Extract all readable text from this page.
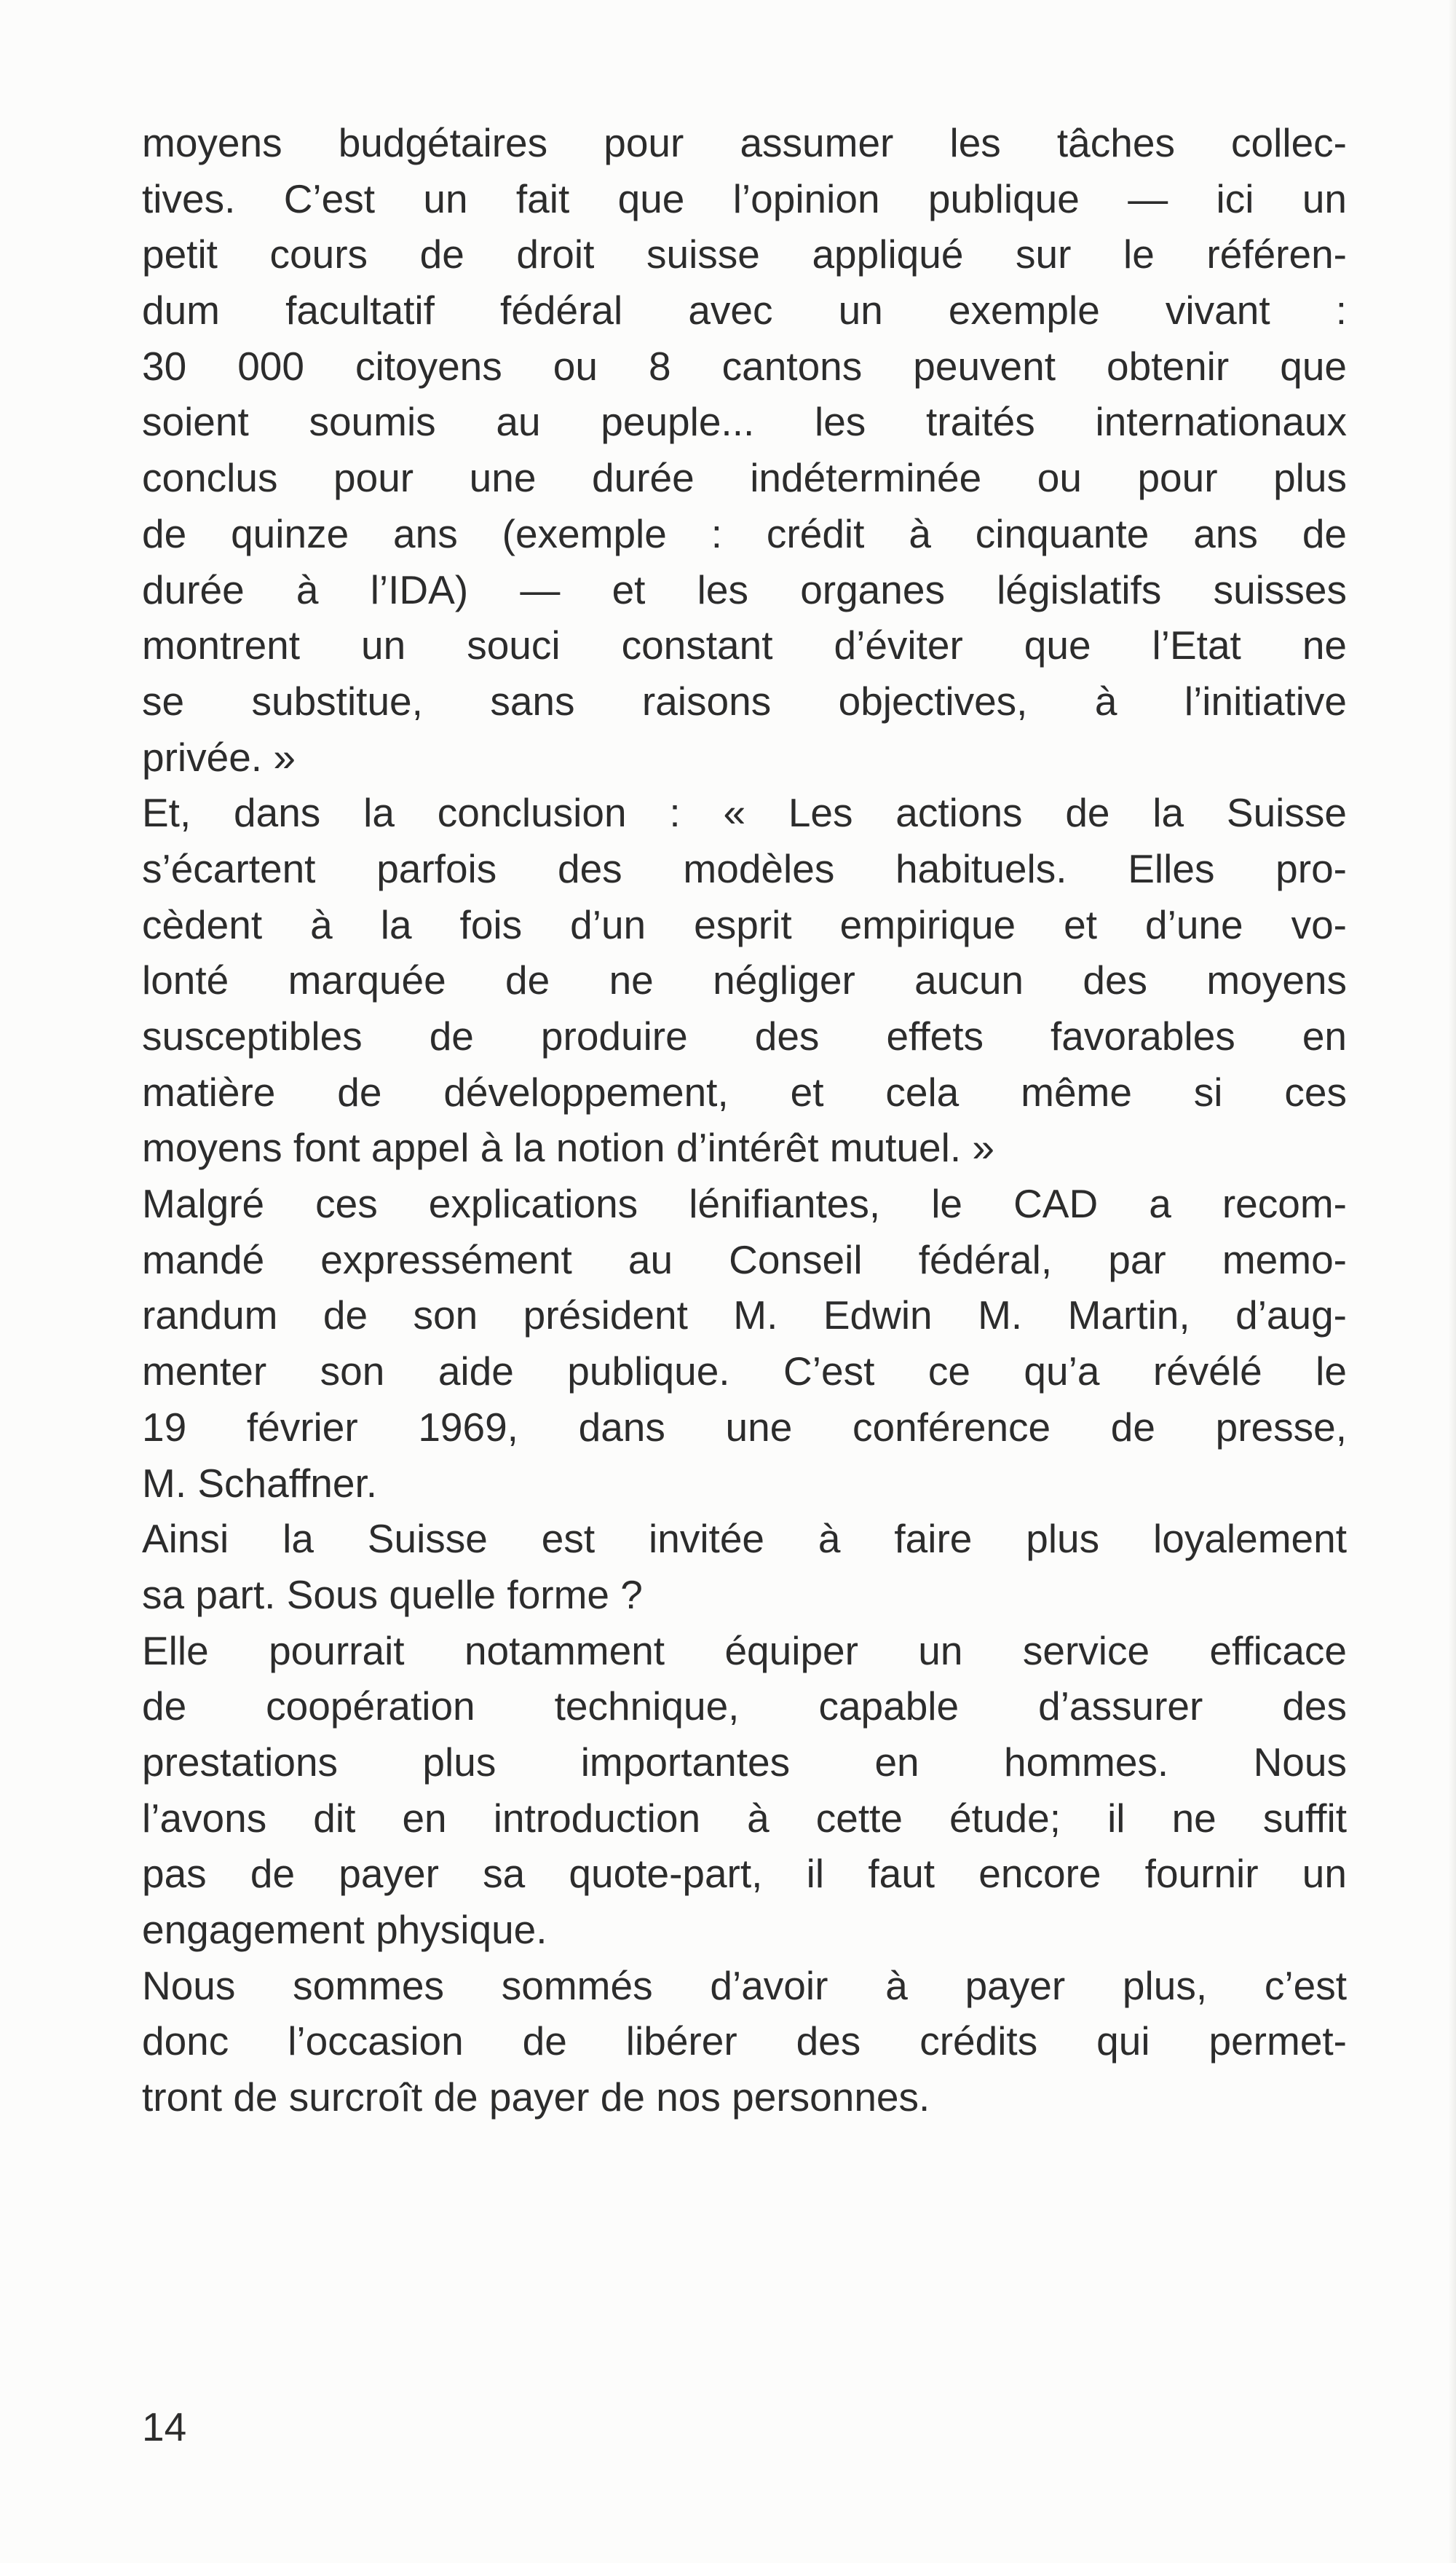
moyens budgétaires pour assumer les tâches collec-
tives. C’est un fait que l’opinion publique — ici un
petit cours de droit suisse appliqué sur le référen-
dum facultatif fédéral avec un exemple vivant :
30 000 citoyens ou 8 cantons peuvent obtenir que
soient soumis au peuple... les traités internationaux
conclus pour une durée indéterminée ou pour plus
de quinze ans (exemple : crédit à cinquante ans de
durée à l’IDA) — et les organes législatifs suisses
montrent un souci constant d’éviter que l’Etat ne
se substitue, sans raisons objectives, à l’initiative
privée. »
Et, dans la conclusion : « Les actions de la Suisse
s’écartent parfois des modèles habituels. Elles pro-
cèdent à la fois d’un esprit empirique et d’une vo-
lonté marquée de ne négliger aucun des moyens
susceptibles de produire des effets favorables en
matière de développement, et cela même si ces
moyens font appel à la notion d’intérêt mutuel. »
Malgré ces explications lénifiantes, le CAD a recom-
mandé expressément au Conseil fédéral, par memo-
randum de son président M. Edwin M. Martin, d’aug-
menter son aide publique. C’est ce qu’a révélé le
19 février 1969, dans une conférence de presse,
M. Schaffner.
Ainsi la Suisse est invitée à faire plus loyalement
sa part. Sous quelle forme ?
Elle pourrait notamment équiper un service efficace
de coopération technique, capable d’assurer des
prestations plus importantes en hommes. Nous
l’avons dit en introduction à cette étude; il ne suffit
pas de payer sa quote-part, il faut encore fournir un
engagement physique.
Nous sommes sommés d’avoir à payer plus, c’est
donc l’occasion de libérer des crédits qui permet-
tront de surcroît de payer de nos personnes.
14
